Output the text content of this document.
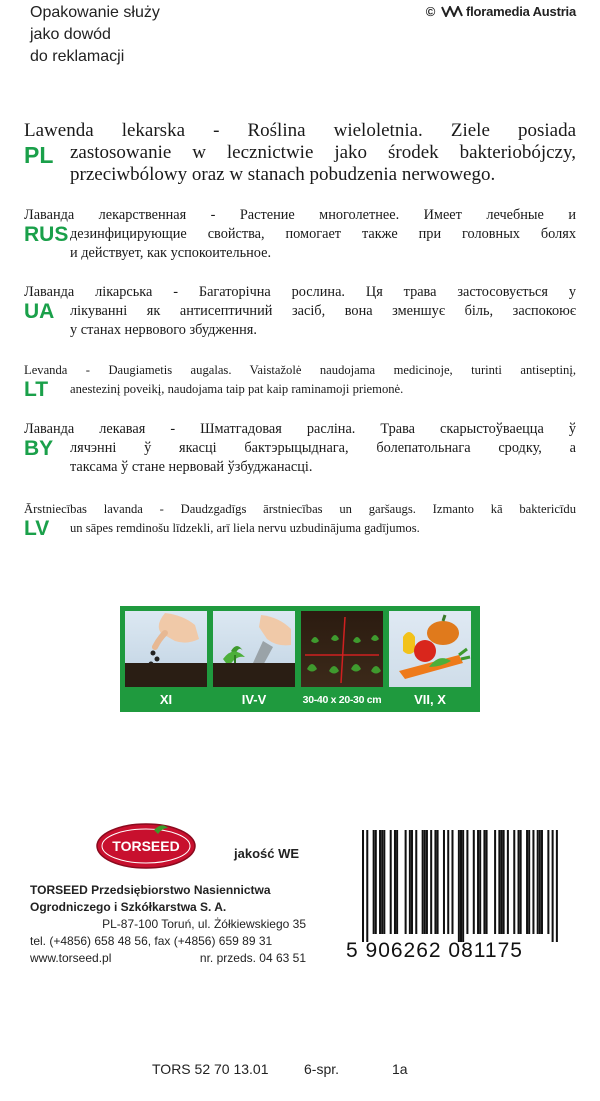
Opakowanie służy
jako dowód
do reklamacji
© floramedia Austria
PL
Lawenda lekarska - Roślina wieloletnia. Ziele posiada
zastosowanie w lecznictwie jako środek bakteriobójczy,
przeciwbólowy oraz w stanach pobudzenia nerwowego.
RUS
Лаванда лекарственная - Растение многолетнее. Имеет лечебные и
дезинфицирующие свойства, помогает также при головных болях
и действует, как успокоительное.
UA
Лаванда лікарська - Багаторічна рослина. Ця трава застосовується у
лікуванні як антисептичний засіб, вона зменшує біль, заспокоює
у станах нервового збудження.
LT
Levanda - Daugiametis augalas. Vaistažolė naudojama medicinoje, turinti antiseptinį,
anestezinį poveikį, naudojama taip pat kaip raminamoji priemonė.
BY
Лаванда лекавая - Шматгадовая расліна. Трава скарыстоўваецца ў
лячэнні ў якасці бактэрыцыднага, болепатольнага сродку, а
таксама ў стане нервовай ўзбуджанасці.
LV
Ārstniecības lavanda - Daudzgadīgs ārstniecības un garšaugs. Izmanto kā baktericīdu
un sāpes remdinošu līdzekli, arī liela nervu uzbudinājuma gadījumos.
XI	IV-V	30-40 x 20-30 cm	VII, X
TORSEED	jakość WE
TORSEED Przedsiębiorstwo Nasiennictwa
Ogrodniczego i Szkółkarstwa S. A.
PL-87-100 Toruń, ul. Żółkiewskiego 35
tel. (+4856) 658 48 56, fax (+4856) 659 89 31
www.torseed.pl	nr. przeds. 04 63 51 5 906262 081175
TORS 52 70 13.01	6-spr.	1a
